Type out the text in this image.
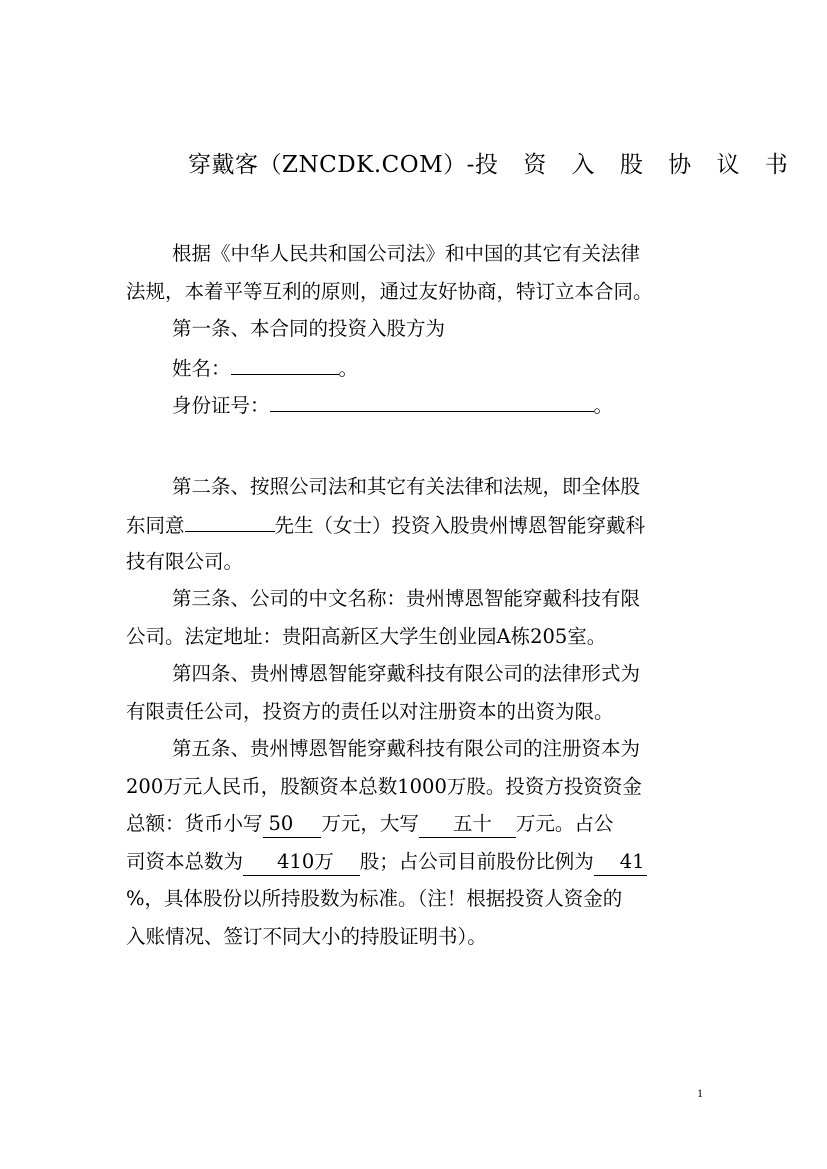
穿戴客（ZNCDK.COM）-投 资 入 股 协 议 书
根据《中华人民共和国公司法》和中国的其它有关法律
法规，本着平等互利的原则，通过友好协商，特订立本合同。
第一条、本合同的投资入股方为
姓名：	。
身份证号：	。
第二条、按照公司法和其它有关法律和法规，即全体股
东同意	先生（女士）投资入股贵州博恩智能穿戴科
技有限公司。
第三条、公司的中文名称：贵州博恩智能穿戴科技有限
公司。法定地址：贵阳高新区大学生创业园A栋205室。
第四条、贵州博恩智能穿戴科技有限公司的法律形式为
有限责任公司，投资方的责任以对注册资本的出资为限。
第五条、贵州博恩智能穿戴科技有限公司的注册资本为
200万元人民币，股额资本总数1000万股。投资方投资资金
总额：货币小写 50 万元，大写 五十 万元。占公
司资本总数为 410万 股；占公司目前股份比例为 41
%，具体股份以所持股数为标准。（注！根据投资人资金的
入账情况、签订不同大小的持股证明书）。
1
